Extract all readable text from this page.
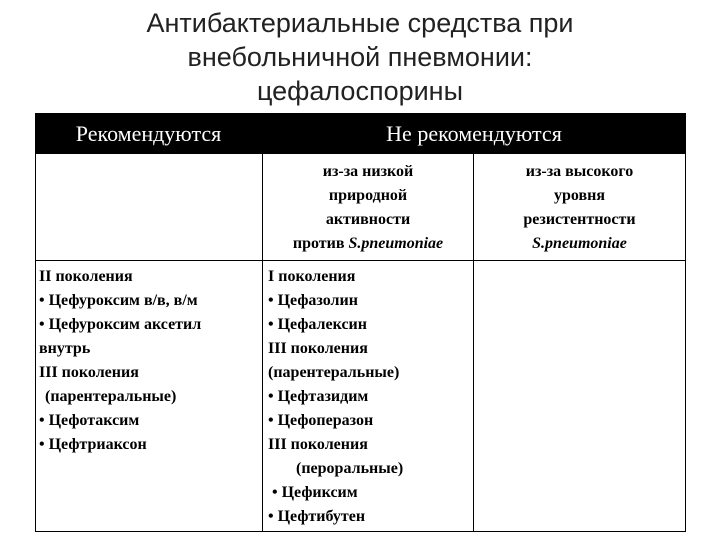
Антибактериальные средства при
внебольничной пневмонии:
цефалоспорины
Рекомендуются	Не рекомендуются
из-за низкой
природной
активности
против S.pneumoniae
из-за высокого
уровня
резистентности
S.pneumoniae
II поколения
• Цефуроксим в/в, в/м
• Цефуроксим аксетил
внутрь
III поколения
(парентеральные)
• Цефотаксим
• Цефтриаксон
I поколения
• Цефазолин
• Цефалексин
III поколения
(парентеральные)
• Цефтазидим
• Цефоперазон
III поколения
(пероральные)
• Цефиксим
• Цефтибутен
